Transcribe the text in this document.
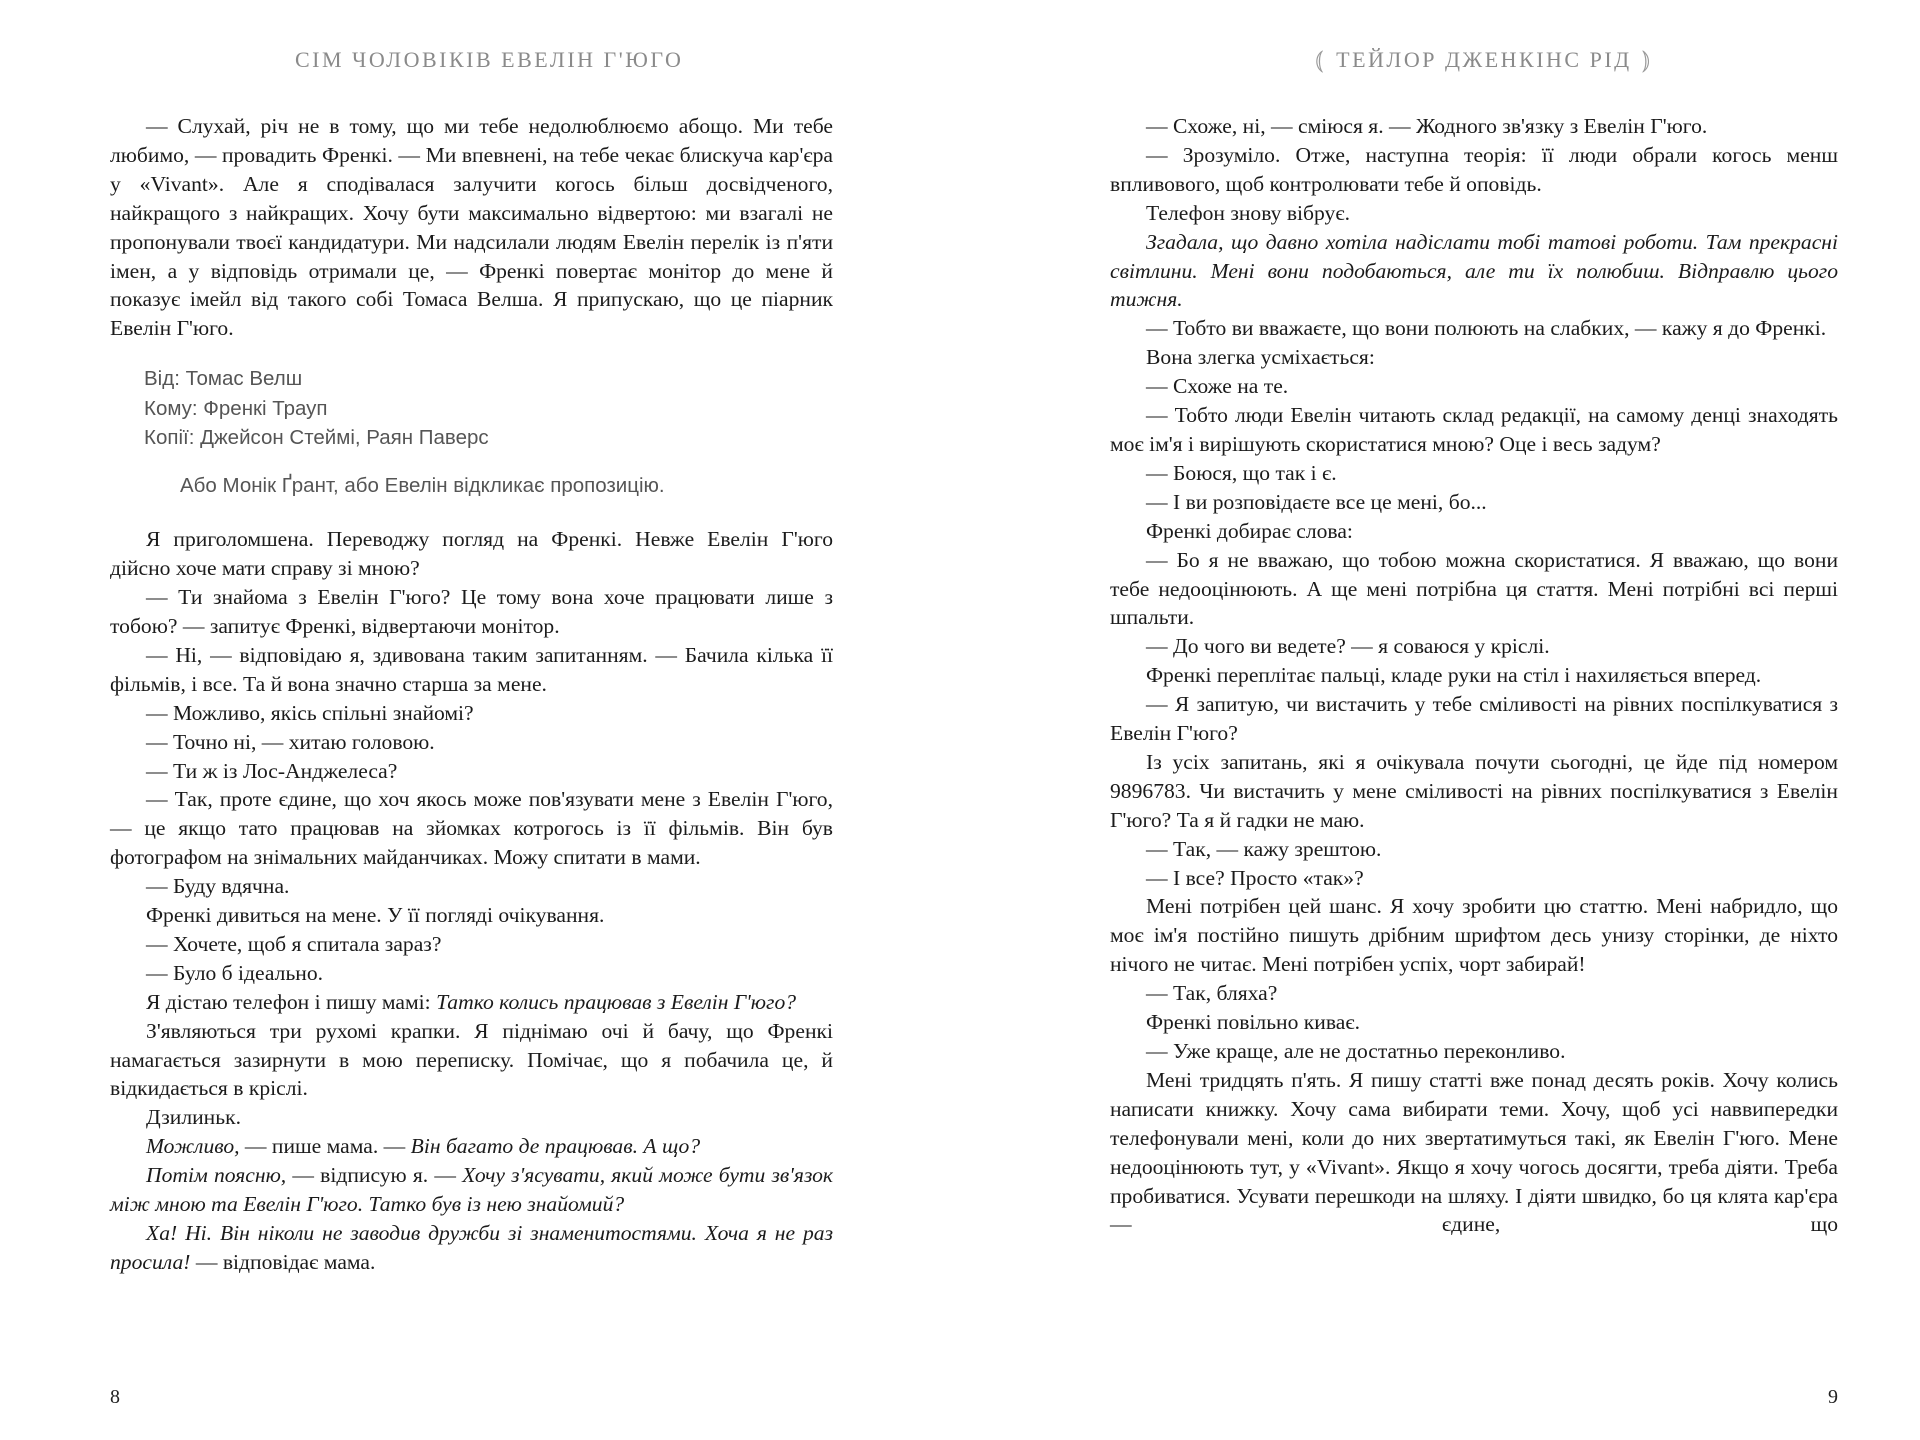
СІМ ЧОЛОВІКІВ ЕВЕЛІН Г'ЮГО

— Слухай, річ не в тому, що ми тебе недолюблюємо абощо. Ми тебе любимо, — провадить Френкі. — Ми впевнені, на тебе чекає блискуча кар'єра у «Vivant». Але я сподівалася залучити когось більш досвідченого, найкращого з найкращих. Хочу бути максимально відвертою: ми взагалі не пропонували твоєї кандидатури. Ми надсилали людям Евелін перелік із п'яти імен, а у відповідь отримали це, — Френкі повертає монітор до мене й показує імейл від такого собі Томаса Велша. Я припускаю, що це піарник Евелін Г'юго.

Від: Томас Велш
Кому: Френкі Трауп
Копії: Джейсон Стеймі, Раян Паверс
Або Монік Ґрант, або Евелін відкликає пропозицію.

Я приголомшена. Переводжу погляд на Френкі. Невже Евелін Г'юго дійсно хоче мати справу зі мною?

— Ти знайома з Евелін Г'юго? Це тому вона хоче працювати лише з тобою? — запитує Френкі, відвертаючи монітор.

— Ні, — відповідаю я, здивована таким запитанням. — Бачила кілька її фільмів, і все. Та й вона значно старша за мене.

— Можливо, якісь спільні знайомі?

— Точно ні, — хитаю головою.

— Ти ж із Лос-Анджелеса?

— Так, проте єдине, що хоч якось може пов'язувати мене з Евелін Г'юго, — це якщо тато працював на зйомках котрогось із її фільмів. Він був фотографом на знімальних майданчиках. Можу спитати в мами.

— Буду вдячна.

Френкі дивиться на мене. У її погляді очікування.

— Хочете, щоб я спитала зараз?

— Було б ідеально.

Я дістаю телефон і пишу мамі: Татко колись працював з Евелін Г'юго?

З'являються три рухомі крапки. Я піднімаю очі й бачу, що Френкі намагається зазирнути в мою переписку. Помічає, що я побачила це, й відкидається в кріслі.

Дзилиньк.

Можливо, — пише мама. — Він багато де працював. А що?

Потім поясню, — відписую я. — Хочу з'ясувати, який може бути зв'язок між мною та Евелін Г'юго. Татко був із нею знайомий?

Ха! Ні. Він ніколи не заводив дружби зі знаменитостями. Хоча я не раз просила! — відповідає мама.

8
⦅ ТЕЙЛОР ДЖЕНКІНС РІД ⦆

— Схоже, ні, — сміюся я. — Жодного зв'язку з Евелін Г'юго.

— Зрозуміло. Отже, наступна теорія: її люди обрали когось менш впливового, щоб контролювати тебе й оповідь.

Телефон знову вібрує.

Згадала, що давно хотіла надіслати тобі татові роботи. Там прекрасні світлини. Мені вони подобаються, але ти їх полюбиш. Відправлю цього тижня.

— Тобто ви вважаєте, що вони полюють на слабких, — кажу я до Френкі.

Вона злегка усміхається:

— Схоже на те.

— Тобто люди Евелін читають склад редакції, на самому денці знаходять моє ім'я і вирішують скористатися мною? Оце і весь задум?

— Боюся, що так і є.

— І ви розповідаєте все це мені, бо...

Френкі добирає слова:

— Бо я не вважаю, що тобою можна скористатися. Я вважаю, що вони тебе недооцінюють. А ще мені потрібна ця стаття. Мені потрібні всі перші шпальти.

— До чого ви ведете? — я соваюся у кріслі.

Френкі переплітає пальці, кладе руки на стіл і нахиляється вперед.

— Я запитую, чи вистачить у тебе сміливості на рівних поспілкуватися з Евелін Г'юго?

Із усіх запитань, які я очікувала почути сьогодні, це йде під номером 9896783. Чи вистачить у мене сміливості на рівних поспілкуватися з Евелін Г'юго? Та я й гадки не маю.

— Так, — кажу зрештою.

— І все? Просто «так»?

Мені потрібен цей шанс. Я хочу зробити цю статтю. Мені набридло, що моє ім'я постійно пишуть дрібним шрифтом десь унизу сторінки, де ніхто нічого не читає. Мені потрібен успіх, чорт забирай!

— Так, бляха?

Френкі повільно киває.

— Уже краще, але не достатньо переконливо.

Мені тридцять п'ять. Я пишу статті вже понад десять років. Хочу колись написати книжку. Хочу сама вибирати теми. Хочу, щоб усі наввипередки телефонували мені, коли до них звертатимуться такі, як Евелін Г'юго. Мене недооцінюють тут, у «Vivant». Якщо я хочу чогось досягти, треба діяти. Треба пробиватися. Усувати перешкоди на шляху. І діяти швидко, бо ця клята кар'єра — єдине, що

9
